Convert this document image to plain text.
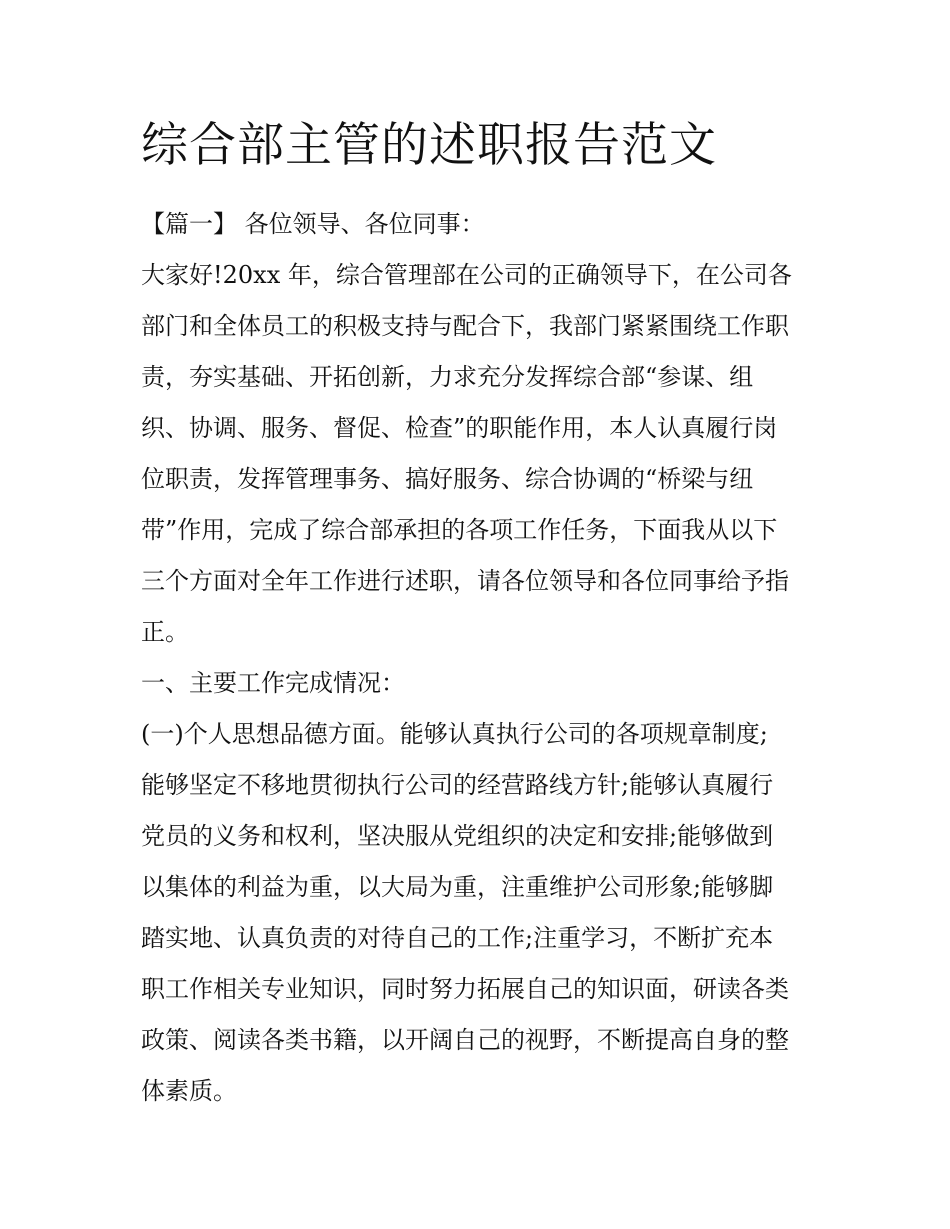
综合部主管的述职报告范文

【篇一】 各位领导、各位同事：

大家好!20xx 年，综合管理部在公司的正确领导下，在公司各

部门和全体员工的积极支持与配合下，我部门紧紧围绕工作职

责，夯实基础、开拓创新，力求充分发挥综合部“参谋、组

织、协调、服务、督促、检查”的职能作用，本人认真履行岗

位职责，发挥管理事务、搞好服务、综合协调的“桥梁与纽

带”作用，完成了综合部承担的各项工作任务，下面我从以下

三个方面对全年工作进行述职，请各位领导和各位同事给予指

正。

一、主要工作完成情况：

(一)个人思想品德方面。能够认真执行公司的各项规章制度;

能够坚定不移地贯彻执行公司的经营路线方针;能够认真履行

党员的义务和权利，坚决服从党组织的决定和安排;能够做到

以集体的利益为重，以大局为重，注重维护公司形象;能够脚

踏实地、认真负责的对待自己的工作;注重学习，不断扩充本

职工作相关专业知识，同时努力拓展自己的知识面，研读各类

政策、阅读各类书籍，以开阔自己的视野，不断提高自身的整

体素质。
